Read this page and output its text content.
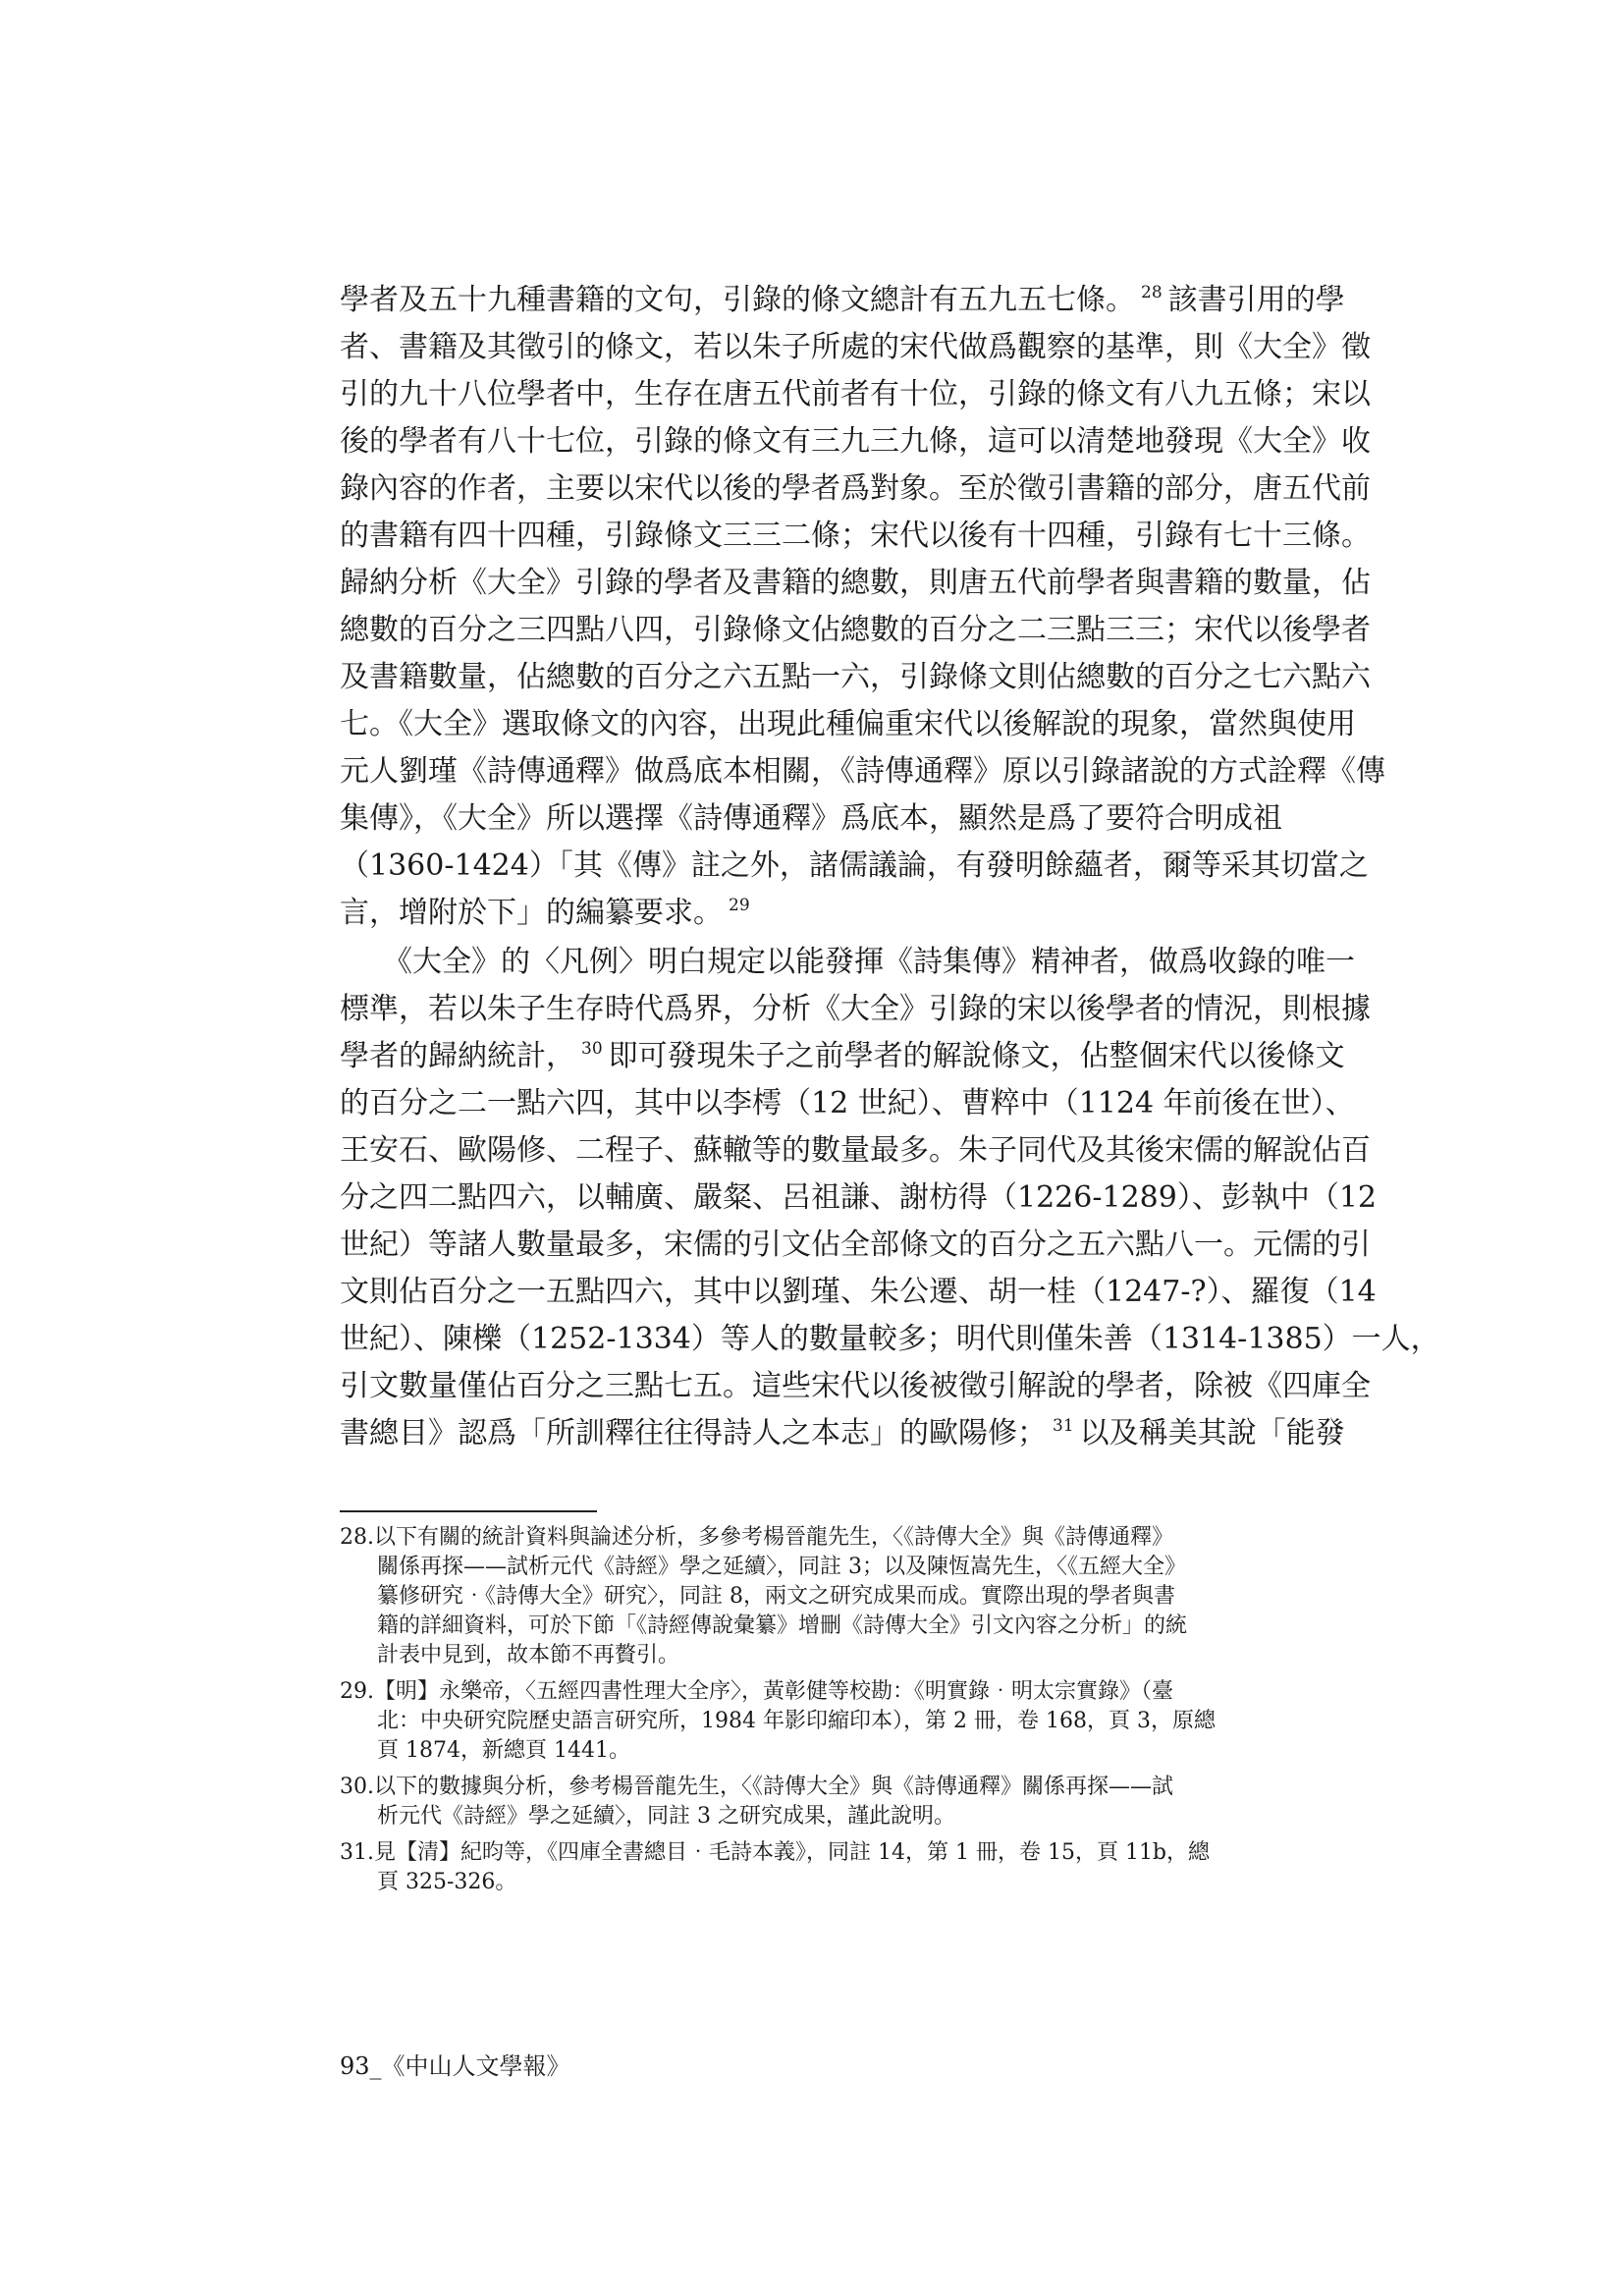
學者及五十九種書籍的文句，引錄的條文總計有五九五七條。 $^{28}$ 該書引用的學
者、書籍及其徵引的條文，若以朱子所處的宋代做爲觀察的基準，則《大全》徵
引的九十八位學者中，生存在唐五代前者有十位，引錄的條文有八九五條；宋以
後的學者有八十七位，引錄的條文有三九三九條，這可以清楚地發現《大全》收
錄內容的作者，主要以宋代以後的學者爲對象。至於徵引書籍的部分，唐五代前
的書籍有四十四種，引錄條文三三二條；宋代以後有十四種，引錄有七十三條。
歸納分析《大全》引錄的學者及書籍的總數，則唐五代前學者與書籍的數量，佔
總數的百分之三四點八四，引錄條文佔總數的百分之二三點三三；宋代以後學者
及書籍數量，佔總數的百分之六五點一六，引錄條文則佔總數的百分之七六點六
七。《大全》選取條文的內容，出現此種偏重宋代以後解說的現象，當然與使用
元人劉瑾《詩傳通釋》做爲底本相關，《詩傳通釋》原以引錄諸說的方式詮釋《傳
集傳》，《大全》所以選擇《詩傳通釋》爲底本，顯然是爲了要符合明成祖
（1360-1424）「其《傳》註之外，諸儒議論，有發明餘蘊者，爾等采其切當之
言，增附於下」的編纂要求。 $^{29}$
《大全》的〈凡例〉明白規定以能發揮《詩集傳》精神者，做爲收錄的唯一
標準，若以朱子生存時代爲界，分析《大全》引錄的宋以後學者的情況，則根據
學者的歸納統計， $^{30}$ 即可發現朱子之前學者的解說條文，佔整個宋代以後條文
的百分之二一點六四，其中以李樗（12 世紀）、曹粹中（1124 年前後在世）、
王安石、歐陽修、二程子、蘇轍等的數量最多。朱子同代及其後宋儒的解說佔百
分之四二點四六，以輔廣、嚴粲、呂祖謙、謝枋得（1226-1289）、彭執中（12
世紀）等諸人數量最多，宋儒的引文佔全部條文的百分之五六點八一。元儒的引
文則佔百分之一五點四六，其中以劉瑾、朱公遷、胡一桂（1247-?）、羅復（14
世紀）、陳櫟（1252-1334）等人的數量較多；明代則僅朱善（1314-1385）一人，
引文數量僅佔百分之三點七五。這些宋代以後被徵引解說的學者，除被《四庫全
書總目》認爲「所訓釋往往得詩人之本志」的歐陽修； $^{31}$ 以及稱美其說「能發
28.以下有關的統計資料與論述分析，多參考楊晉龍先生，〈《詩傳大全》與《詩傳通釋》
關係再探——試析元代《詩經》學之延續〉，同註 3；以及陳恆嵩先生，〈《五經大全》
纂修研究‧《詩傳大全》研究〉，同註 8，兩文之研究成果而成。實際出現的學者與書
籍的詳細資料，可於下節「《詩經傳說彙纂》增刪《詩傳大全》引文內容之分析」的統
計表中見到，故本節不再贅引。
29.【明】永樂帝，〈五經四書性理大全序〉，黃彰健等校勘：《明實錄‧明太宗實錄》（臺
北：中央研究院歷史語言研究所，1984 年影印縮印本），第 2 冊，卷 168，頁 3，原總
頁 1874，新總頁 1441。
30.以下的數據與分析，參考楊晉龍先生，〈《詩傳大全》與《詩傳通釋》關係再探——試
析元代《詩經》學之延續〉，同註 3 之研究成果，謹此說明。
31.見【清】紀昀等，《四庫全書總目‧毛詩本義》，同註 14，第 1 冊，卷 15，頁 11b，總
頁 325-326。
93_《中山人文學報》
